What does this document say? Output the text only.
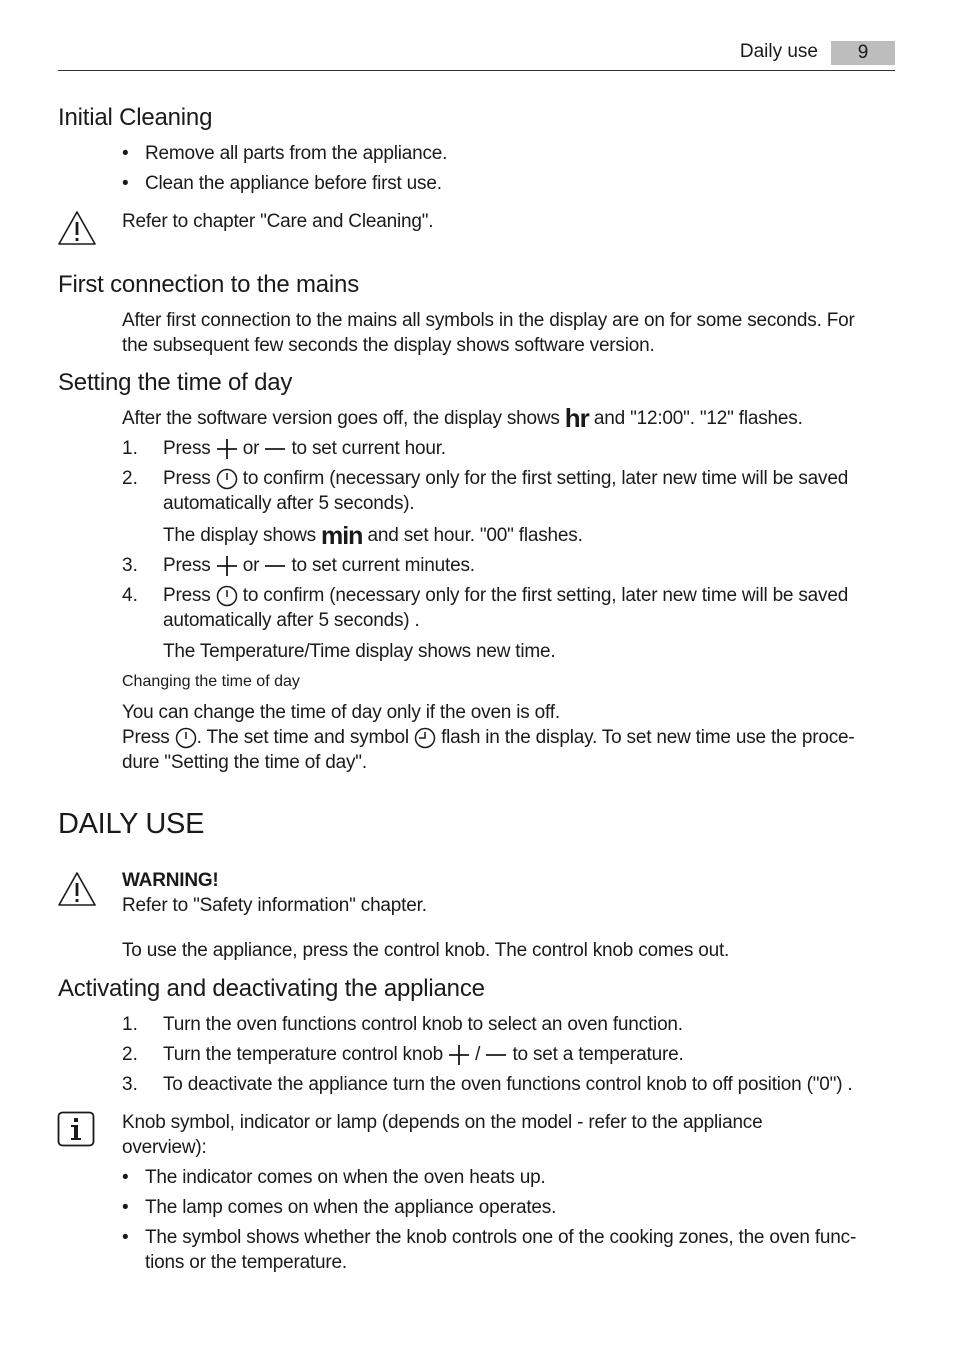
Daily use	9
Initial Cleaning
• Remove all parts from the appliance.
• Clean the appliance before first use.
Refer to chapter "Care and Cleaning".
First connection to the mains
After first connection to the mains all symbols in the display are on for some seconds. For
the subsequent few seconds the display shows software version.
Setting the time of day
After the software version goes off, the display shows hr and "12:00". "12" flashes.
1. Press or to set current hour.
2. Press to confirm (necessary only for the first setting, later new time will be saved
automatically after 5 seconds).
The display shows min and set hour. "00" flashes.
3. Press or to set current minutes.
4. Press to confirm (necessary only for the first setting, later new time will be saved
automatically after 5 seconds) .
The Temperature/Time display shows new time.
Changing the time of day
You can change the time of day only if the oven is off.
Press . The set time and symbol flash in the display. To set new time use the proce-
dure "Setting the time of day".
DAILY USE
WARNING!
Refer to "Safety information" chapter.
To use the appliance, press the control knob. The control knob comes out.
Activating and deactivating the appliance
1. Turn the oven functions control knob to select an oven function.
2. Turn the temperature control knob / to set a temperature.
3. To deactivate the appliance turn the oven functions control knob to off position ("0") .
Knob symbol, indicator or lamp (depends on the model - refer to the appliance
overview):
• The indicator comes on when the oven heats up.
• The lamp comes on when the appliance operates.
• The symbol shows whether the knob controls one of the cooking zones, the oven func-
tions or the temperature.
